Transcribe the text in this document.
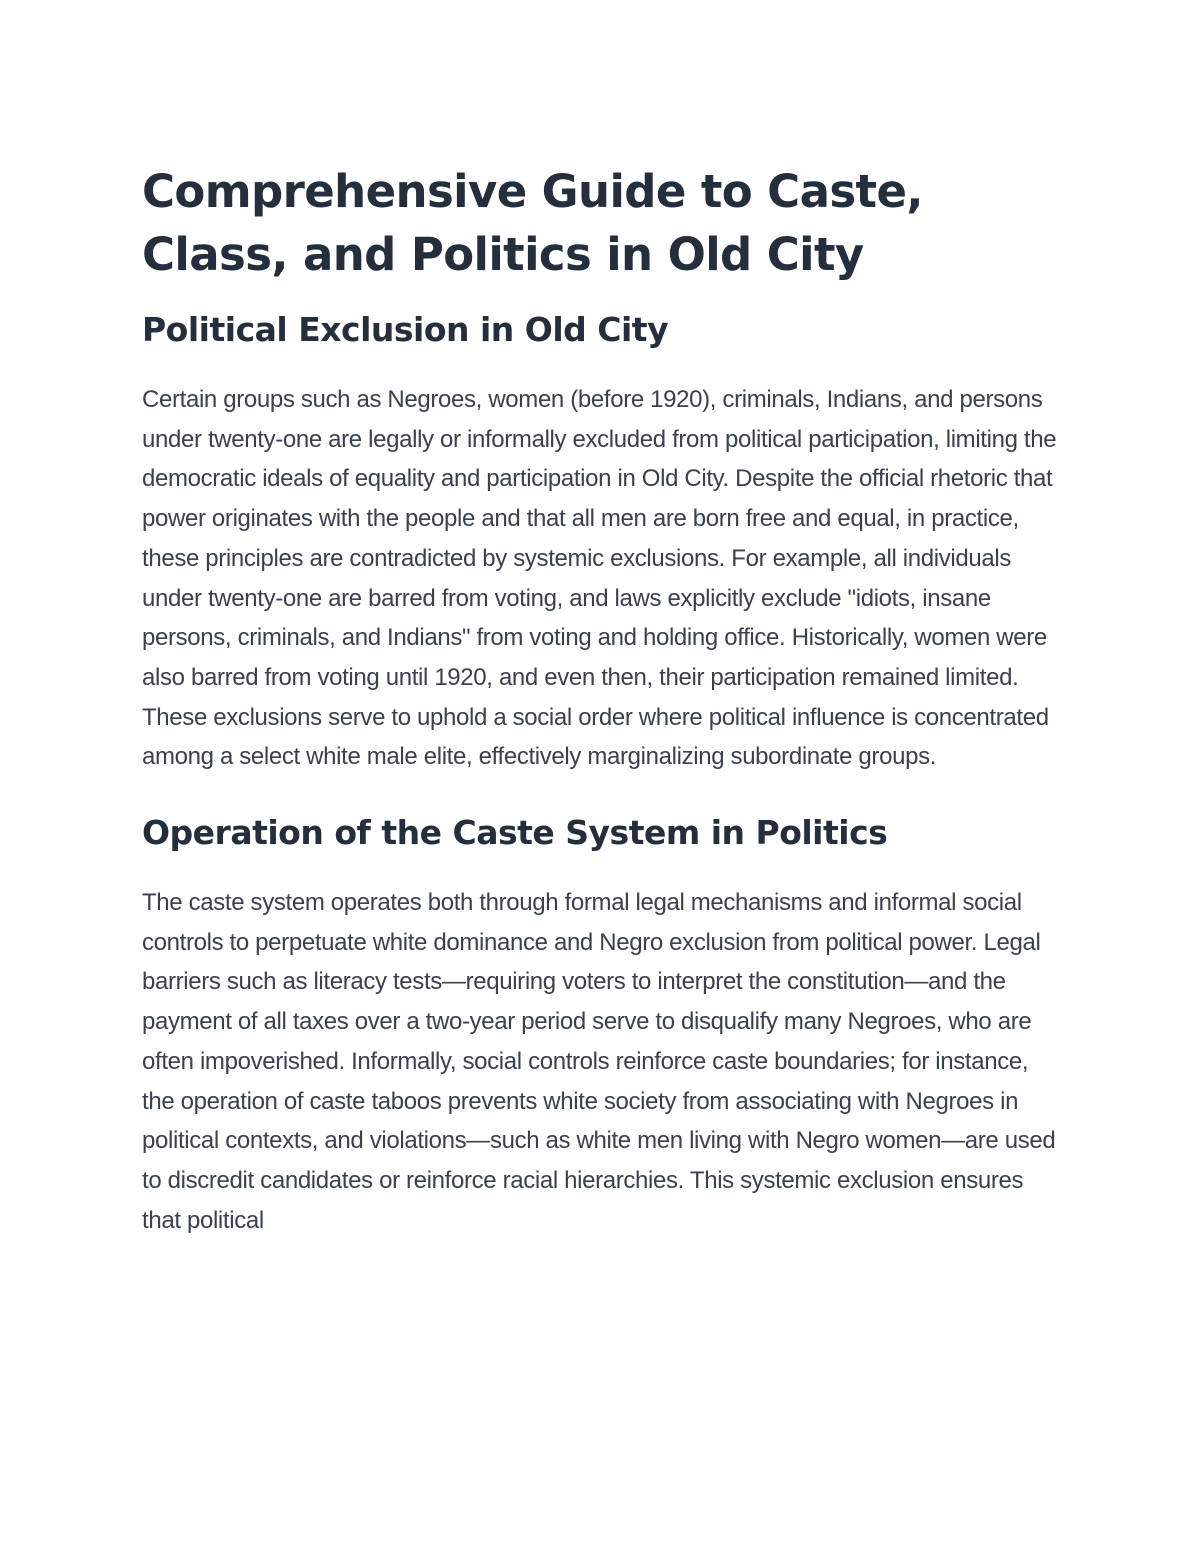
Comprehensive Guide to Caste, Class, and Politics in Old City
Political Exclusion in Old City

Certain groups such as Negroes, women (before 1920), criminals, Indians, and persons under twenty-one are legally or informally excluded from political participation, limiting the democratic ideals of equality and participation in Old City. Despite the official rhetoric that power originates with the people and that all men are born free and equal, in practice, these principles are contradicted by systemic exclusions. For example, all individuals under twenty-one are barred from voting, and laws explicitly exclude "idiots, insane persons, criminals, and Indians" from voting and holding office. Historically, women were also barred from voting until 1920, and even then, their participation remained limited. These exclusions serve to uphold a social order where political influence is concentrated among a select white male elite, effectively marginalizing subordinate groups.

Operation of the Caste System in Politics

The caste system operates both through formal legal mechanisms and informal social controls to perpetuate white dominance and Negro exclusion from political power. Legal barriers such as literacy tests—requiring voters to interpret the constitution—and the payment of all taxes over a two-year period serve to disqualify many Negroes, who are often impoverished. Informally, social controls reinforce caste boundaries; for instance, the operation of caste taboos prevents white society from associating with Negroes in political contexts, and violations—such as white men living with Negro women—are used to discredit candidates or reinforce racial hierarchies. This systemic exclusion ensures that political
